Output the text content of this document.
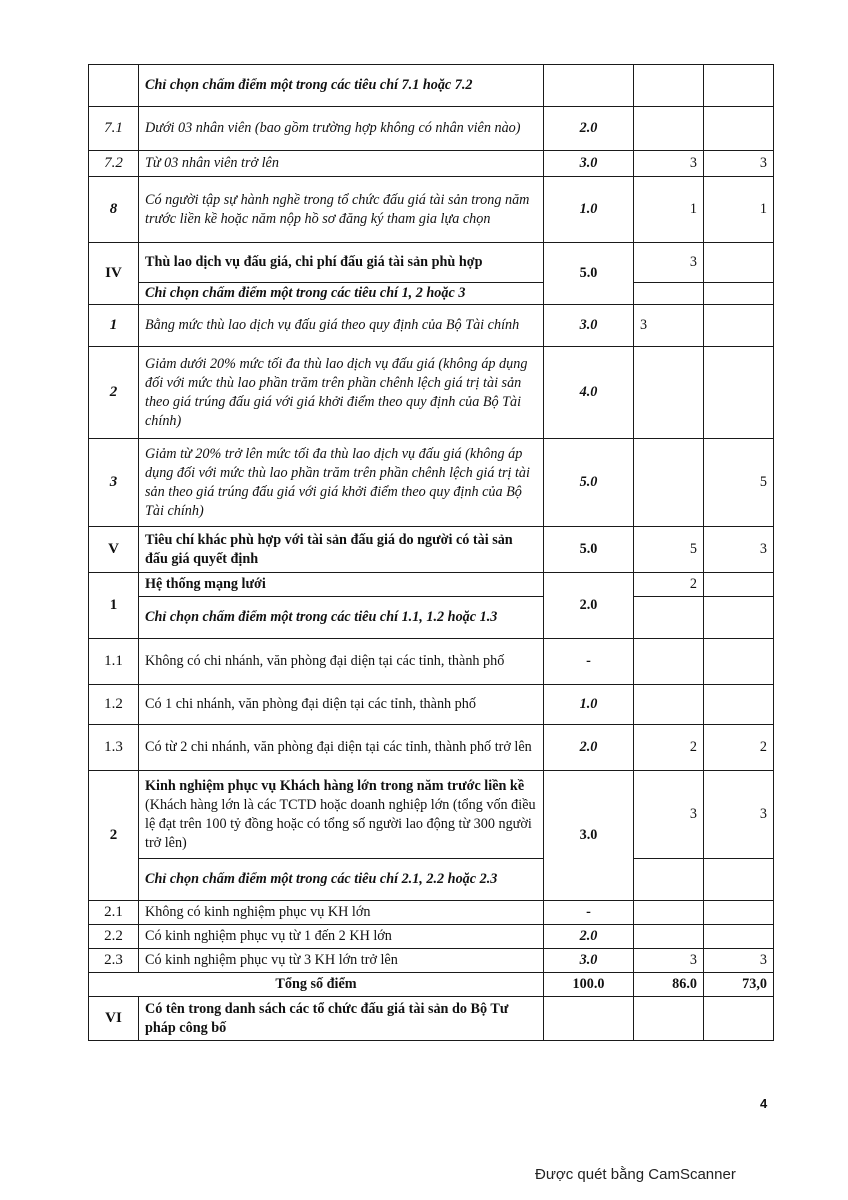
	Chỉ chọn chấm điểm một trong các tiêu chí 7.1 hoặc 7.2			
7.1	Dưới 03 nhân viên (bao gồm trường hợp không có nhân viên nào)	2.0		
7.2	Từ 03 nhân viên trở lên	3.0	3	3
8	Có người tập sự hành nghề trong tổ chức đấu giá tài sản trong năm trước liền kề hoặc năm nộp hồ sơ đăng ký tham gia lựa chọn	1.0	1	1
IV	Thù lao dịch vụ đấu giá, chi phí đấu giá tài sản phù hợp	5.0	3	
	Chỉ chọn chấm điểm một trong các tiêu chí 1, 2 hoặc 3			
1	Bằng mức thù lao dịch vụ đấu giá theo quy định của Bộ Tài chính	3.0	3	
2	Giảm dưới 20% mức tối đa thù lao dịch vụ đấu giá (không áp dụng đối với mức thù lao phần trăm trên phần chênh lệch giá trị tài sản theo giá trúng đấu giá với giá khởi điểm theo quy định của Bộ Tài chính)	4.0		
3	Giảm từ 20% trở lên mức tối đa thù lao dịch vụ đấu giá (không áp dụng đối với mức thù lao phần trăm trên phần chênh lệch giá trị tài sản theo giá trúng đấu giá với giá khởi điểm theo quy định của Bộ Tài chính)	5.0		5
V	Tiêu chí khác phù hợp với tài sản đấu giá do người có tài sản đấu giá quyết định	5.0	5	3
1	Hệ thống mạng lưới	2.0	2	
	Chỉ chọn chấm điểm một trong các tiêu chí 1.1, 1.2 hoặc 1.3			
1.1	Không có chi nhánh, văn phòng đại diện tại các tỉnh, thành phố	-		
1.2	Có 1 chi nhánh, văn phòng đại diện tại các tỉnh, thành phố	1.0		
1.3	Có từ 2 chi nhánh, văn phòng đại diện tại các tỉnh, thành phố trở lên	2.0	2	2
2	Kinh nghiệm phục vụ Khách hàng lớn trong năm trước liền kề (Khách hàng lớn là các TCTD hoặc doanh nghiệp lớn (tổng vốn điều lệ đạt trên 100 tỷ đồng hoặc có tổng số người lao động từ 300 người trở lên)	3.0	3	3
	Chỉ chọn chấm điểm một trong các tiêu chí 2.1, 2.2 hoặc 2.3			
2.1	Không có kinh nghiệm phục vụ KH lớn	-		
2.2	Có kinh nghiệm phục vụ từ 1 đến 2 KH lớn	2.0		
2.3	Có kinh nghiệm phục vụ từ 3 KH lớn trở lên	3.0	3	3
Tổng số điểm		100.0	86.0	73,0
VI	Có tên trong danh sách các tổ chức đấu giá tài sản do Bộ Tư pháp công bố			
4
Được quét bằng CamScanner
